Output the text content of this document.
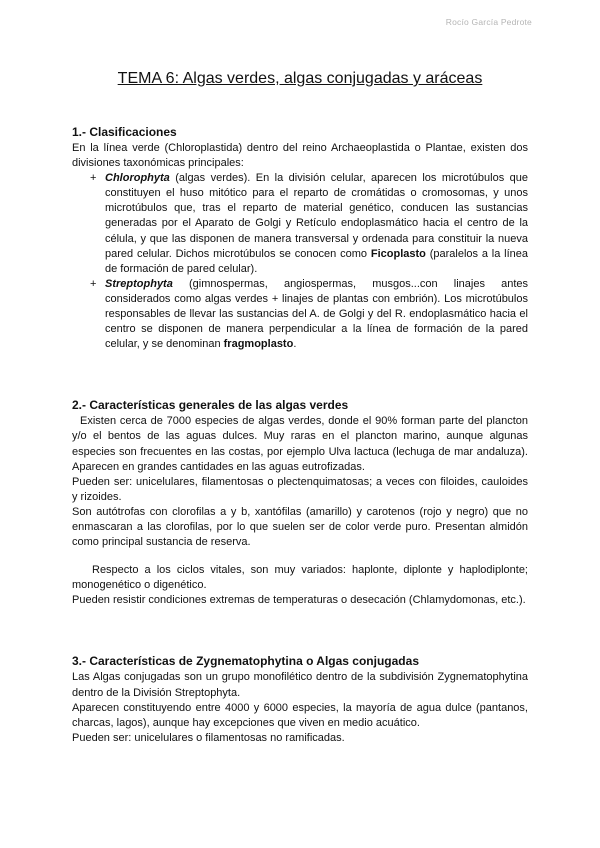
Rocío García Pedrote
TEMA 6: Algas verdes, algas conjugadas y aráceas
1.- Clasificaciones

En la línea verde (Chloroplastida) dentro del reino Archaeoplastida o Plantae, existen dos divisiones taxonómicas principales:

+ Chlorophyta (algas verdes). En la división celular, aparecen los microtúbulos que constituyen el huso mitótico para el reparto de cromátidas o cromosomas, y unos microtúbulos que, tras el reparto de material genético, conducen las sustancias generadas por el Aparato de Golgi y Retículo endoplasmático hacia el centro de la célula, y que las disponen de manera transversal y ordenada para constituir la nueva pared celular. Dichos microtúbulos se conocen como Ficoplasto (paralelos a la línea de formación de pared celular).
+ Streptophyta (gimnospermas, angiospermas, musgos...con linajes antes considerados como algas verdes + linajes de plantas con embrión). Los microtúbulos responsables de llevar las sustancias del A. de Golgi y del R. endoplasmático hacia el centro se disponen de manera perpendicular a la línea de formación de la pared celular, y se denominan fragmoplasto.
2.- Características generales de las algas verdes

Existen cerca de 7000 especies de algas verdes, donde el 90% forman parte del plancton y/o el bentos de las aguas dulces. Muy raras en el plancton marino, aunque algunas especies son frecuentes en las costas, por ejemplo Ulva lactuca (lechuga de mar andaluza). Aparecen en grandes cantidades en las aguas eutrofizadas.

Pueden ser: unicelulares, filamentosas o plectenquimatosas; a veces con filoides, cauloides y rizoides.

Son autótrofas con clorofilas a y b, xantófilas (amarillo) y carotenos (rojo y negro) que no enmascaran a las clorofilas, por lo que suelen ser de color verde puro. Presentan almidón como principal sustancia de reserva.

Respecto a los ciclos vitales, son muy variados: haplonte, diplonte y haplodiplonte; monogenético o digenético.

Pueden resistir condiciones extremas de temperaturas o desecación (Chlamydomonas, etc.).

3.- Características de Zygnematophytina o Algas conjugadas

Las Algas conjugadas son un grupo monofilético dentro de la subdivisión Zygnematophytina dentro de la División Streptophyta.

Aparecen constituyendo entre 4000 y 6000 especies, la mayoría de agua dulce (pantanos, charcas, lagos), aunque hay excepciones que viven en medio acuático.

Pueden ser: unicelulares o filamentosas no ramificadas.
